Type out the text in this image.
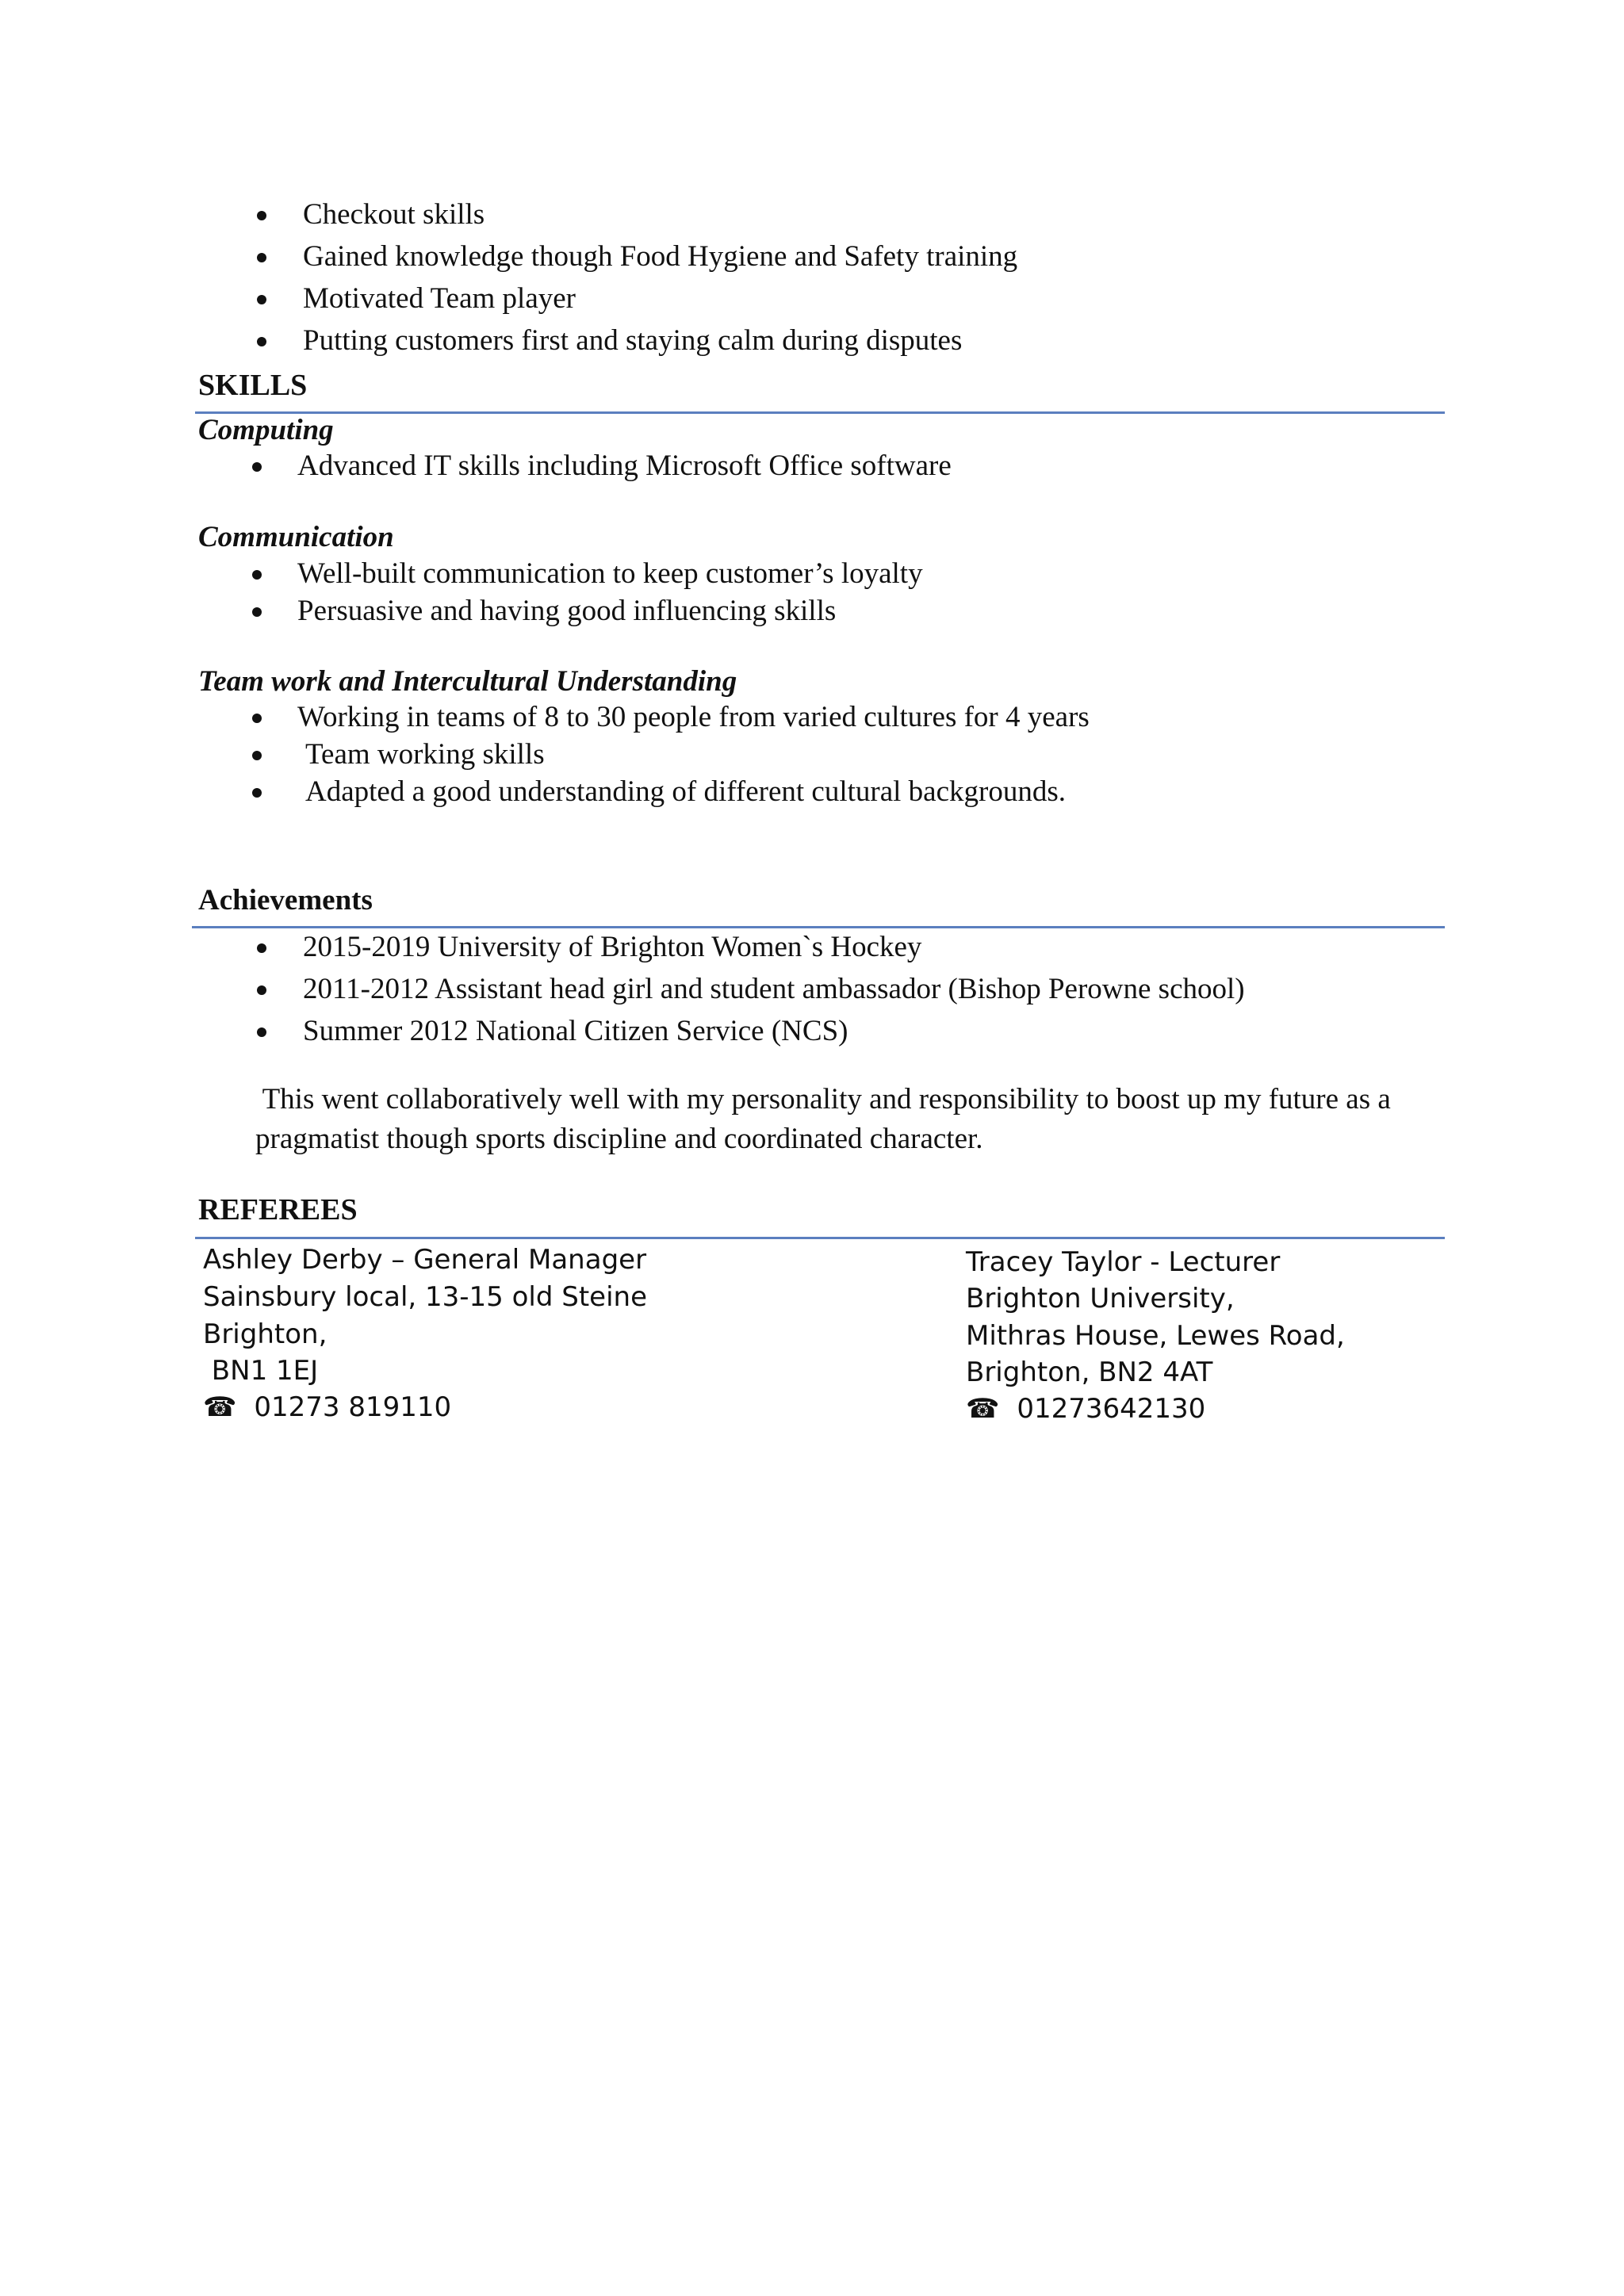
Checkout skills
Gained knowledge though Food Hygiene and Safety training
Motivated Team player
Putting customers first and staying calm during disputes
SKILLS
Computing
Advanced IT skills including Microsoft Office software
Communication
Well-built communication to keep customer’s loyalty
Persuasive and having good influencing skills
Team work and Intercultural Understanding
Working in teams of 8 to 30 people from varied cultures for 4 years
Team working skills
Adapted a good understanding of different cultural backgrounds.
Achievements
2015-2019 University of Brighton Women`s Hockey
2011-2012 Assistant head girl and student ambassador (Bishop Perowne school)
Summer 2012 National Citizen Service (NCS)
This went collaboratively well with my personality and responsibility to boost up my future as a
pragmatist though sports discipline and coordinated character.
REFEREES
Ashley Derby – General Manager
Sainsbury local, 13-15 old Steine
Brighton,
BN1 1EJ
☎ 01273 819110
Tracey Taylor - Lecturer
Brighton University,
Mithras House, Lewes Road,
Brighton, BN2 4AT
☎ 01273642130
